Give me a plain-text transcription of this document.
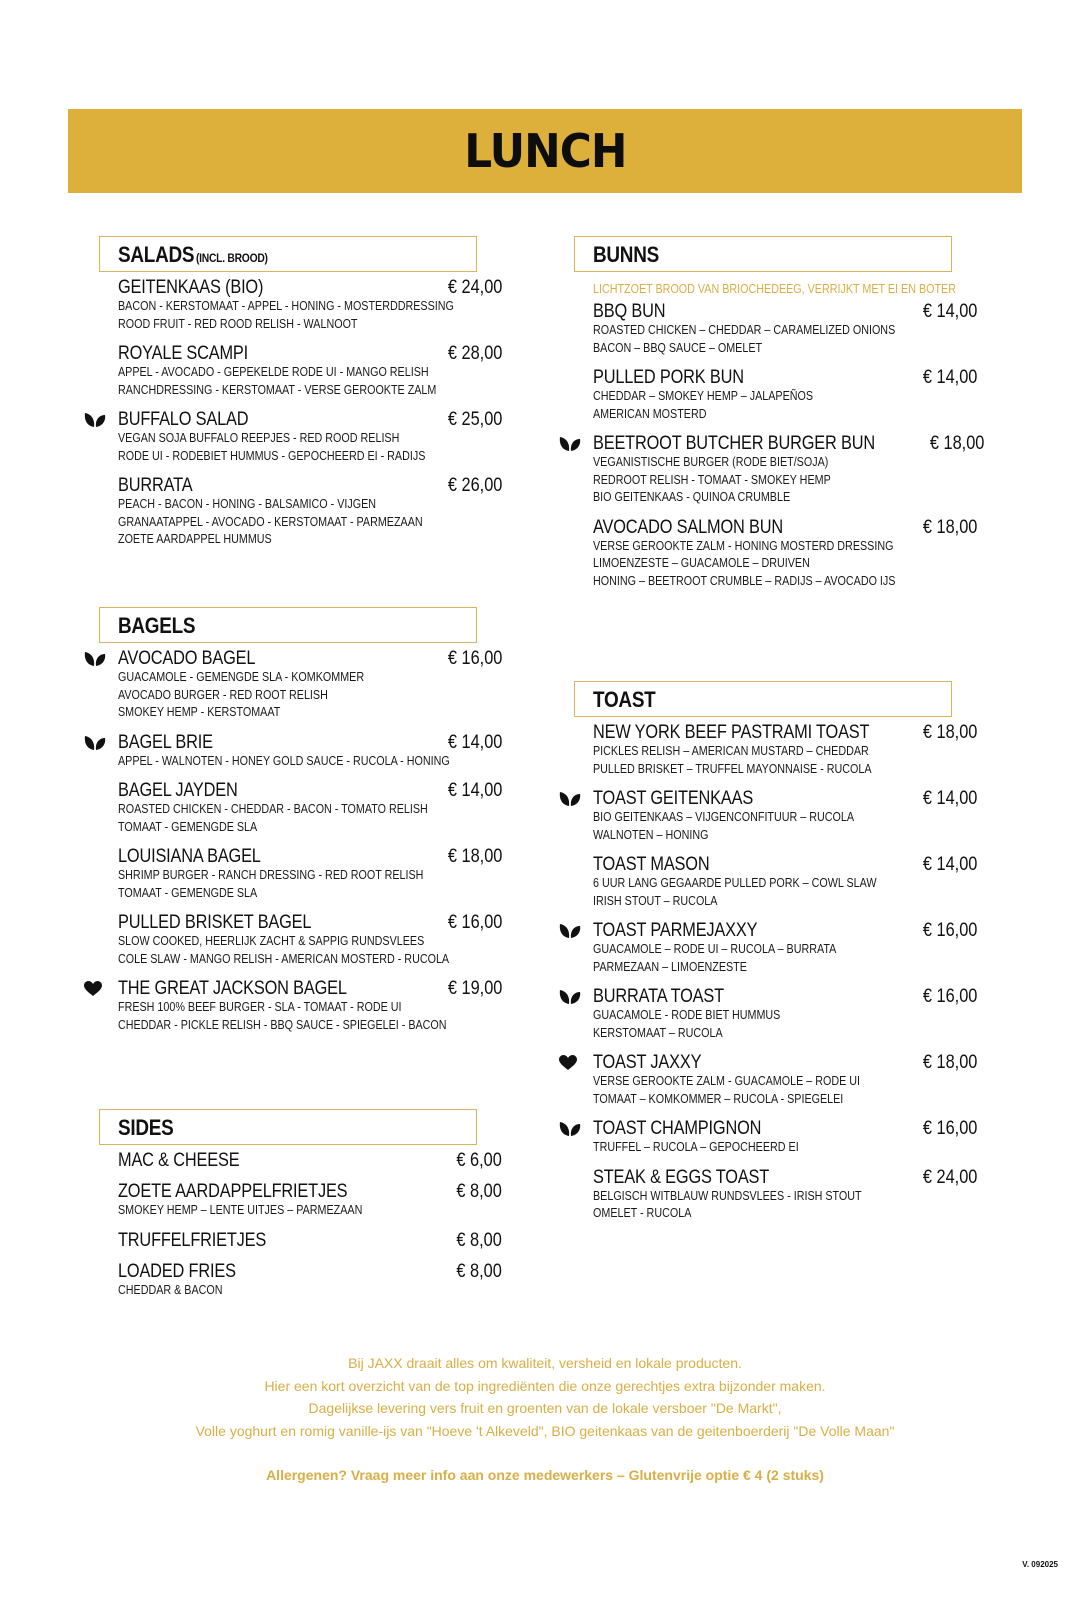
LUNCH
SALADS (INCL. BROOD)
GEITENKAAS (BIO)	€ 24,00
BACON - KERSTOMAAT - APPEL - HONING - MOSTERDDRESSING
ROOD FRUIT - RED ROOD RELISH - WALNOOT
ROYALE SCAMPI	€ 28,00
APPEL - AVOCADO - GEPEKELDE RODE UI - MANGO RELISH
RANCHDRESSING - KERSTOMAAT - VERSE GEROOKTE ZALM
BUFFALO SALAD	€ 25,00
VEGAN SOJA BUFFALO REEPJES - RED ROOD RELISH
RODE UI - RODEBIET HUMMUS - GEPOCHEERD EI - RADIJS
BURRATA	€ 26,00
PEACH - BACON - HONING - BALSAMICO - VIJGEN
GRANAATAPPEL - AVOCADO - KERSTOMAAT - PARMEZAAN
ZOETE AARDAPPEL HUMMUS
BAGELS
AVOCADO BAGEL	€ 16,00
GUACAMOLE - GEMENGDE SLA - KOMKOMMER
AVOCADO BURGER - RED ROOT RELISH
SMOKEY HEMP - KERSTOMAAT
BAGEL BRIE	€ 14,00
APPEL - WALNOTEN - HONEY GOLD SAUCE - RUCOLA - HONING
BAGEL JAYDEN	€ 14,00
ROASTED CHICKEN - CHEDDAR - BACON - TOMATO RELISH
TOMAAT - GEMENGDE SLA
LOUISIANA BAGEL	€ 18,00
SHRIMP BURGER - RANCH DRESSING - RED ROOT RELISH
TOMAAT - GEMENGDE SLA
PULLED BRISKET BAGEL	€ 16,00
SLOW COOKED, HEERLIJK ZACHT & SAPPIG RUNDSVLEES
COLE SLAW - MANGO RELISH - AMERICAN MOSTERD - RUCOLA
THE GREAT JACKSON BAGEL	€ 19,00
FRESH 100% BEEF BURGER - SLA - TOMAAT - RODE UI
CHEDDAR - PICKLE RELISH - BBQ SAUCE - SPIEGELEI - BACON
SIDES
MAC & CHEESE	€ 6,00
ZOETE AARDAPPELFRIETJES	€ 8,00
SMOKEY HEMP – LENTE UITJES – PARMEZAAN
TRUFFELFRIETJES	€ 8,00
LOADED FRIES	€ 8,00
CHEDDAR & BACON
BUNNS
LICHTZOET BROOD VAN BRIOCHEDEEG, VERRIJKT MET EI EN BOTER
BBQ BUN	€ 14,00
ROASTED CHICKEN – CHEDDAR – CARAMELIZED ONIONS
BACON – BBQ SAUCE – OMELET
PULLED PORK BUN	€ 14,00
CHEDDAR – SMOKEY HEMP – JALAPEÑOS
AMERICAN MOSTERD
BEETROOT BUTCHER BURGER BUN	€ 18,00
VEGANISTISCHE BURGER (RODE BIET/SOJA)
REDROOT RELISH - TOMAAT - SMOKEY HEMP
BIO GEITENKAAS - QUINOA CRUMBLE
AVOCADO SALMON BUN	€ 18,00
VERSE GEROOKTE ZALM - HONING MOSTERD DRESSING
LIMOENZESTE – GUACAMOLE – DRUIVEN
HONING – BEETROOT CRUMBLE – RADIJS – AVOCADO IJS
TOAST
NEW YORK BEEF PASTRAMI TOAST	€ 18,00
PICKLES RELISH – AMERICAN MUSTARD – CHEDDAR
PULLED BRISKET – TRUFFEL MAYONNAISE - RUCOLA
TOAST GEITENKAAS	€ 14,00
BIO GEITENKAAS – VIJGENCONFITUUR – RUCOLA
WALNOTEN – HONING
TOAST MASON	€ 14,00
6 UUR LANG GEGAARDE PULLED PORK – COWL SLAW
IRISH STOUT – RUCOLA
TOAST PARMEJAXXY	€ 16,00
GUACAMOLE – RODE UI – RUCOLA – BURRATA
PARMEZAAN – LIMOENZESTE
BURRATA TOAST	€ 16,00
GUACAMOLE - RODE BIET HUMMUS
KERSTOMAAT – RUCOLA
TOAST JAXXY	€ 18,00
VERSE GEROOKTE ZALM - GUACAMOLE – RODE UI
TOMAAT – KOMKOMMER – RUCOLA - SPIEGELEI
TOAST CHAMPIGNON	€ 16,00
TRUFFEL – RUCOLA – GEPOCHEERD EI
STEAK & EGGS TOAST	€ 24,00
BELGISCH WITBLAUW RUNDSVLEES - IRISH STOUT
OMELET - RUCOLA

Bij JAXX draait alles om kwaliteit, versheid en lokale producten.

Hier een kort overzicht van de top ingrediënten die onze gerechtjes extra bijzonder maken.

Dagelijkse levering vers fruit en groenten van de lokale versboer "De Markt",

Volle yoghurt en romig vanille-ijs van "Hoeve 't Alkeveld", BIO geitenkaas van de geitenboerderij "De Volle Maan"

Allergenen? Vraag meer info aan onze medewerkers – Glutenvrije optie € 4 (2 stuks)

V. 092025
